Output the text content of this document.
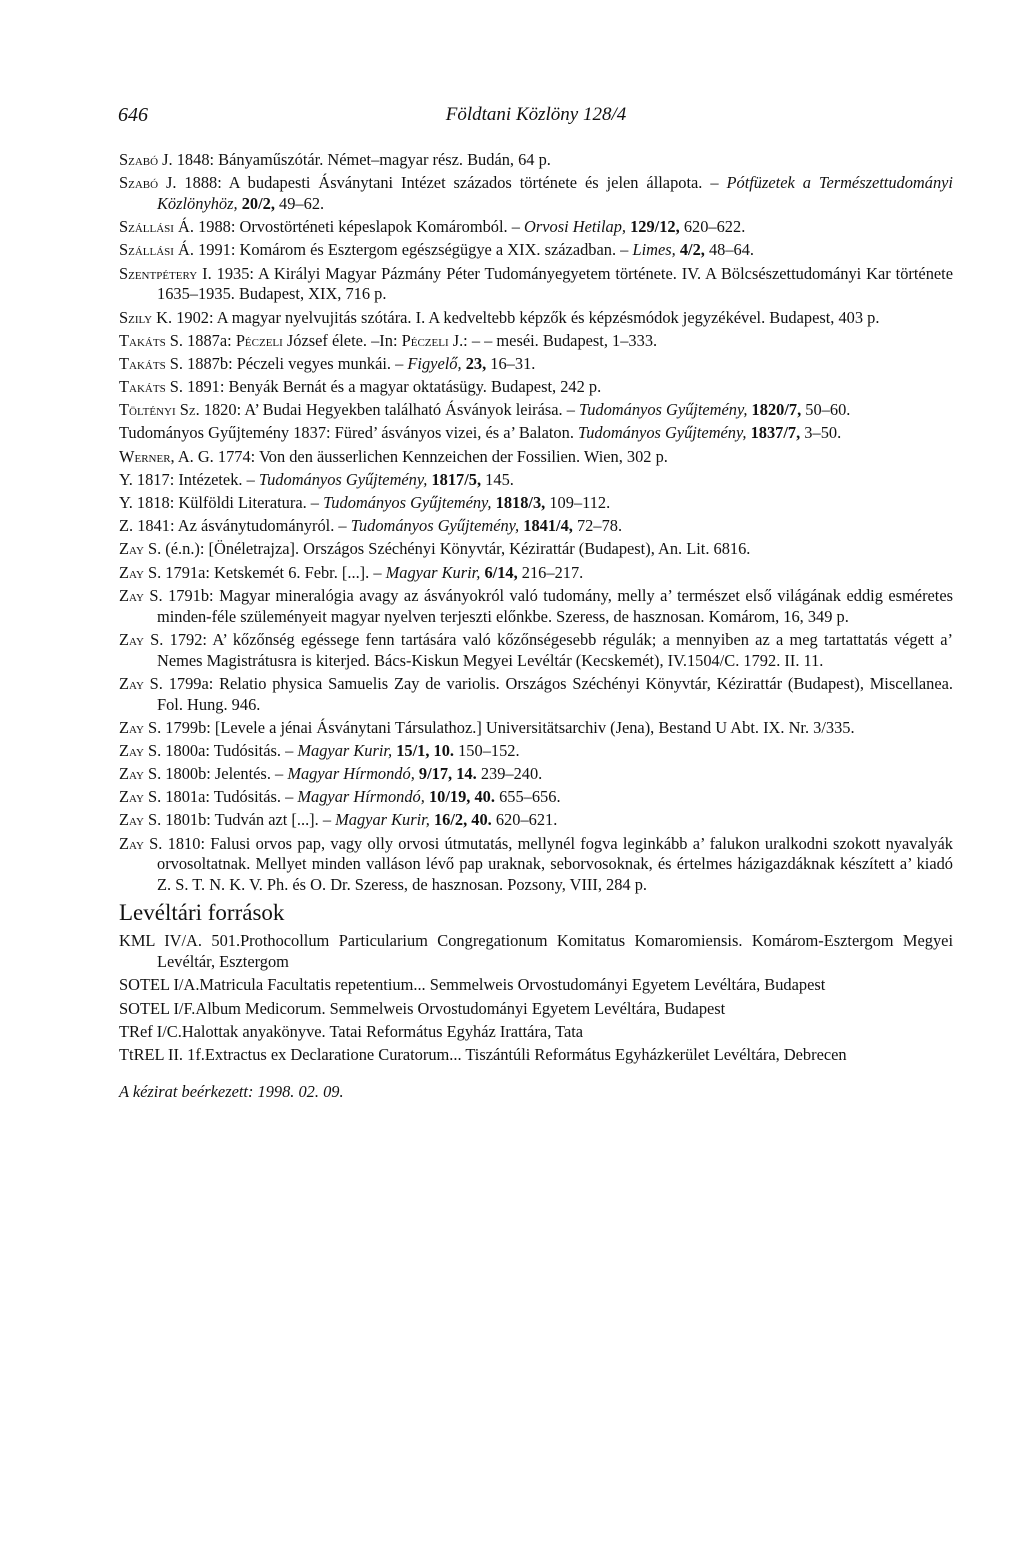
646	Földtani Közlöny 128/4
Szabó J. 1848: Bányaműszótár. Német–magyar rész. Budán, 64 p.
Szabó J. 1888: A budapesti Ásványtani Intézet százados története és jelen állapota. – Pótfüzetek a Természettudományi Közlönyhöz, 20/2, 49–62.
Szállási Á. 1988: Orvostörténeti képeslapok Komáromból. – Orvosi Hetilap, 129/12, 620–622.
Szállási Á. 1991: Komárom és Esztergom egészségügye a XIX. században. – Limes, 4/2, 48–64.
Szentpétery I. 1935: A Királyi Magyar Pázmány Péter Tudományegyetem története. IV. A Bölcsészettudományi Kar története 1635–1935. Budapest, XIX, 716 p.
Szily K. 1902: A magyar nyelvujitás szótára. I. A kedveltebb képzők és képzésmódok jegyzékével. Budapest, 403 p.
Takáts S. 1887a: Péczeli József élete. –In: Péczeli J.: – – meséi. Budapest, 1–333.
Takáts S. 1887b: Péczeli vegyes munkái. – Figyelő, 23, 16–31.
Takáts S. 1891: Benyák Bernát és a magyar oktatásügy. Budapest, 242 p.
Töltényi Sz. 1820: A’ Budai Hegyekben található Ásványok leirása. – Tudományos Gyűjtemény, 1820/7, 50–60.
Tudományos Gyűjtemény 1837: Füred’ ásványos vizei, és a’ Balaton. Tudományos Gyűjtemény, 1837/7, 3–50.
Werner, A. G. 1774: Von den äusserlichen Kennzeichen der Fossilien. Wien, 302 p.
Y. 1817: Intézetek. – Tudományos Gyűjtemény, 1817/5, 145.
Y. 1818: Külföldi Literatura. – Tudományos Gyűjtemény, 1818/3, 109–112.
Z. 1841: Az ásványtudományról. – Tudományos Gyűjtemény, 1841/4, 72–78.
Zay S. (é.n.): [Önéletrajza]. Országos Széchényi Könyvtár, Kézirattár (Budapest), An. Lit. 6816.
Zay S. 1791a: Ketskemét 6. Febr. [...]. – Magyar Kurir, 6/14, 216–217.
Zay S. 1791b: Magyar mineralógia avagy az ásványokról való tudomány, melly a’ természet első világának eddig esméretes minden-féle szüleményeit magyar nyelven terjeszti előnkbe. Szeress, de hasznosan. Komárom, 16, 349 p.
Zay S. 1792: A’ kőzőnség egéssege fenn tartására való kőzőnségesebb régulák; a mennyiben az a meg tartattatás végett a’ Nemes Magistrátusra is kiterjed. Bács-Kiskun Megyei Levéltár (Kecskemét), IV.1504/C. 1792. II. 11.
Zay S. 1799a: Relatio physica Samuelis Zay de variolis. Országos Széchényi Könyvtár, Kézirattár (Budapest), Miscellanea. Fol. Hung. 946.
Zay S. 1799b: [Levele a jénai Ásványtani Társulathoz.] Universitätsarchiv (Jena), Bestand U Abt. IX. Nr. 3/335.
Zay S. 1800a: Tudósitás. – Magyar Kurir, 15/1, 10. 150–152.
Zay S. 1800b: Jelentés. – Magyar Hírmondó, 9/17, 14. 239–240.
Zay S. 1801a: Tudósitás. – Magyar Hírmondó, 10/19, 40. 655–656.
Zay S. 1801b: Tudván azt [...]. – Magyar Kurir, 16/2, 40. 620–621.
Zay S. 1810: Falusi orvos pap, vagy olly orvosi útmutatás, mellynél fogva leginkább a’ falukon uralkodni szokott nyavalyák orvosoltatnak. Mellyet minden valláson lévő pap uraknak, seborvosoknak, és értelmes házigazdáknak készített a’ kiadó Z. S. T. N. K. V. Ph. és O. Dr. Szeress, de hasznosan. Pozsony, VIII, 284 p.
Levéltári források
KML IV/A. 501.Prothocollum Particularium Congregationum Komitatus Komaromiensis. Komárom-Esztergom Megyei Levéltár, Esztergom
SOTEL I/A.Matricula Facultatis repetentium... Semmelweis Orvostudományi Egyetem Levéltára, Budapest
SOTEL I/F.Album Medicorum. Semmelweis Orvostudományi Egyetem Levéltára, Budapest
TRef I/C.Halottak anyakönyve. Tatai Református Egyház Irattára, Tata
TtREL II. 1f.Extractus ex Declaratione Curatorum... Tiszántúli Református Egyházkerület Levéltára, Debrecen
A kézirat beérkezett: 1998. 02. 09.
